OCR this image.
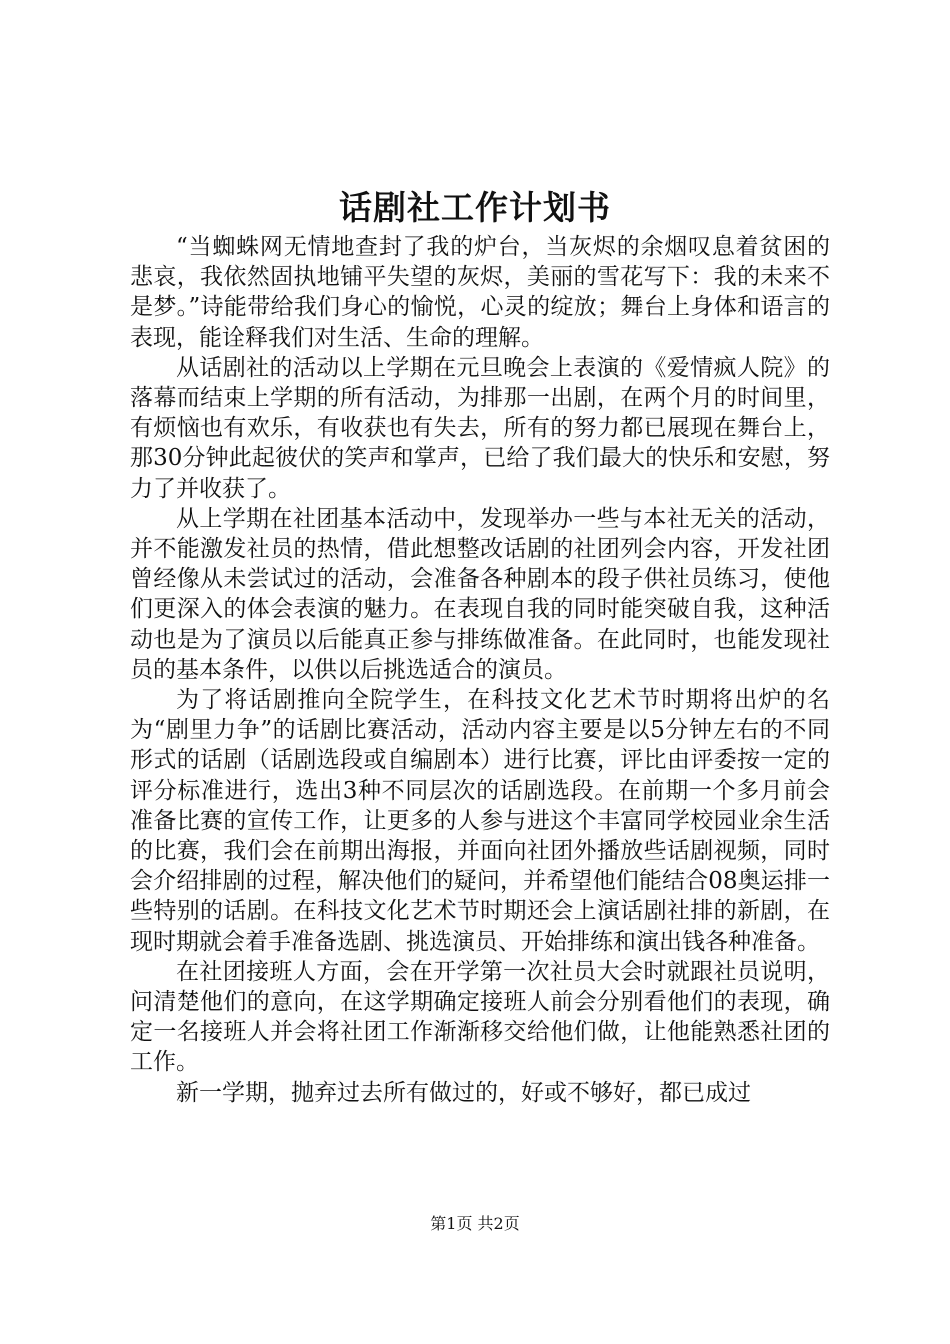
话剧社工作计划书

“当蜘蛛网无情地查封了我的炉台，当灰烬的余烟叹息着贫困的悲哀，我依然固执地铺平失望的灰烬，美丽的雪花写下：我的未来不是梦。”诗能带给我们身心的愉悦，心灵的绽放；舞台上身体和语言的表现，能诠释我们对生活、生命的理解。

从话剧社的活动以上学期在元旦晚会上表演的《爱情疯人院》的落幕而结束上学期的所有活动，为排那一出剧，在两个月的时间里，有烦恼也有欢乐，有收获也有失去，所有的努力都已展现在舞台上，那30分钟此起彼伏的笑声和掌声，已给了我们最大的快乐和安慰，努力了并收获了。

从上学期在社团基本活动中，发现举办一些与本社无关的活动，并不能激发社员的热情，借此想整改话剧的社团列会内容，开发社团曾经像从未尝试过的活动，会准备各种剧本的段子供社员练习，使他们更深入的体会表演的魅力。在表现自我的同时能突破自我，这种活动也是为了演员以后能真正参与排练做准备。在此同时，也能发现社员的基本条件，以供以后挑选适合的演员。

为了将话剧推向全院学生，在科技文化艺术节时期将出炉的名为“剧里力争”的话剧比赛活动，活动内容主要是以5分钟左右的不同形式的话剧（话剧选段或自编剧本）进行比赛，评比由评委按一定的评分标准进行，选出3种不同层次的话剧选段。在前期一个多月前会准备比赛的宣传工作，让更多的人参与进这个丰富同学校园业余生活的比赛，我们会在前期出海报，并面向社团外播放些话剧视频，同时会介绍排剧的过程，解决他们的疑问，并希望他们能结合08奥运排一些特别的话剧。在科技文化艺术节时期还会上演话剧社排的新剧，在现时期就会着手准备选剧、挑选演员、开始排练和演出钱各种准备。

在社团接班人方面，会在开学第一次社员大会时就跟社员说明，问清楚他们的意向，在这学期确定接班人前会分别看他们的表现，确定一名接班人并会将社团工作渐渐移交给他们做，让他能熟悉社团的工作。

新一学期，抛弃过去所有做过的，好或不够好，都已成过

第1页 共2页
